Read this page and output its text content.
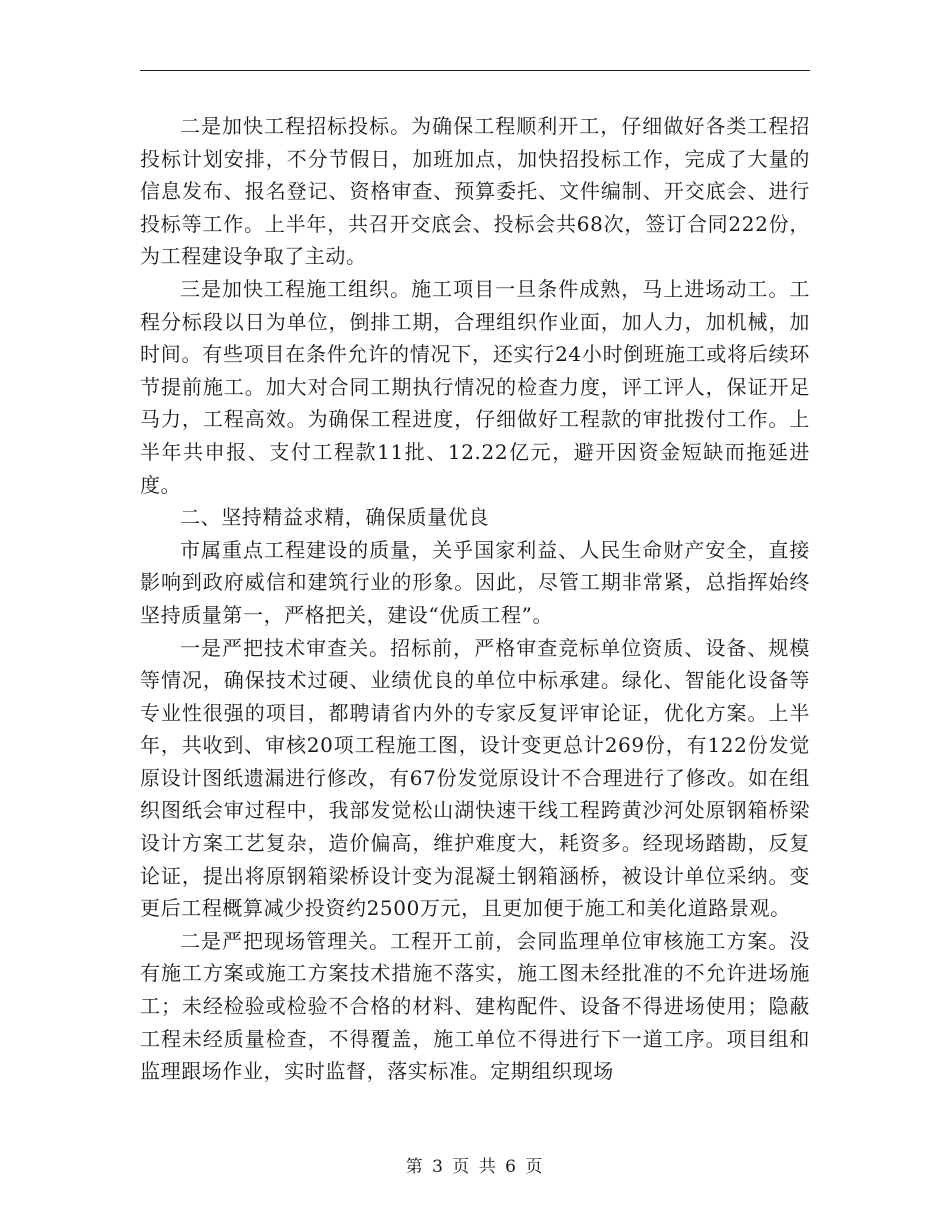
二是加快工程招标投标。为确保工程顺利开工，仔细做好各类工程招投标计划安排，不分节假日，加班加点，加快招投标工作，完成了大量的信息发布、报名登记、资格审查、预算委托、文件编制、开交底会、进行投标等工作。上半年，共召开交底会、投标会共68次，签订合同222份，为工程建设争取了主动。

三是加快工程施工组织。施工项目一旦条件成熟，马上进场动工。工程分标段以日为单位，倒排工期，合理组织作业面，加人力，加机械，加时间。有些项目在条件允许的情况下，还实行24小时倒班施工或将后续环节提前施工。加大对合同工期执行情况的检查力度，评工评人，保证开足马力，工程高效。为确保工程进度，仔细做好工程款的审批拨付工作。上半年共申报、支付工程款11批、12.22亿元，避开因资金短缺而拖延进度。

二、坚持精益求精，确保质量优良

市属重点工程建设的质量，关乎国家利益、人民生命财产安全，直接影响到政府威信和建筑行业的形象。因此，尽管工期非常紧，总指挥始终坚持质量第一，严格把关，建设“优质工程”。

一是严把技术审查关。招标前，严格审查竞标单位资质、设备、规模等情况，确保技术过硬、业绩优良的单位中标承建。绿化、智能化设备等专业性很强的项目，都聘请省内外的专家反复评审论证，优化方案。上半年，共收到、审核20项工程施工图，设计变更总计269份，有122份发觉原设计图纸遗漏进行修改，有67份发觉原设计不合理进行了修改。如在组织图纸会审过程中，我部发觉松山湖快速干线工程跨黄沙河处原钢箱桥梁设计方案工艺复杂，造价偏高，维护难度大，耗资多。经现场踏勘，反复论证，提出将原钢箱梁桥设计变为混凝土钢箱涵桥，被设计单位采纳。变更后工程概算减少投资约2500万元，且更加便于施工和美化道路景观。

二是严把现场管理关。工程开工前，会同监理单位审核施工方案。没有施工方案或施工方案技术措施不落实，施工图未经批准的不允许进场施工；未经检验或检验不合格的材料、建构配件、设备不得进场使用；隐蔽工程未经质量检查，不得覆盖，施工单位不得进行下一道工序。项目组和监理跟场作业，实时监督，落实标准。定期组织现场

第 3 页 共 6 页
